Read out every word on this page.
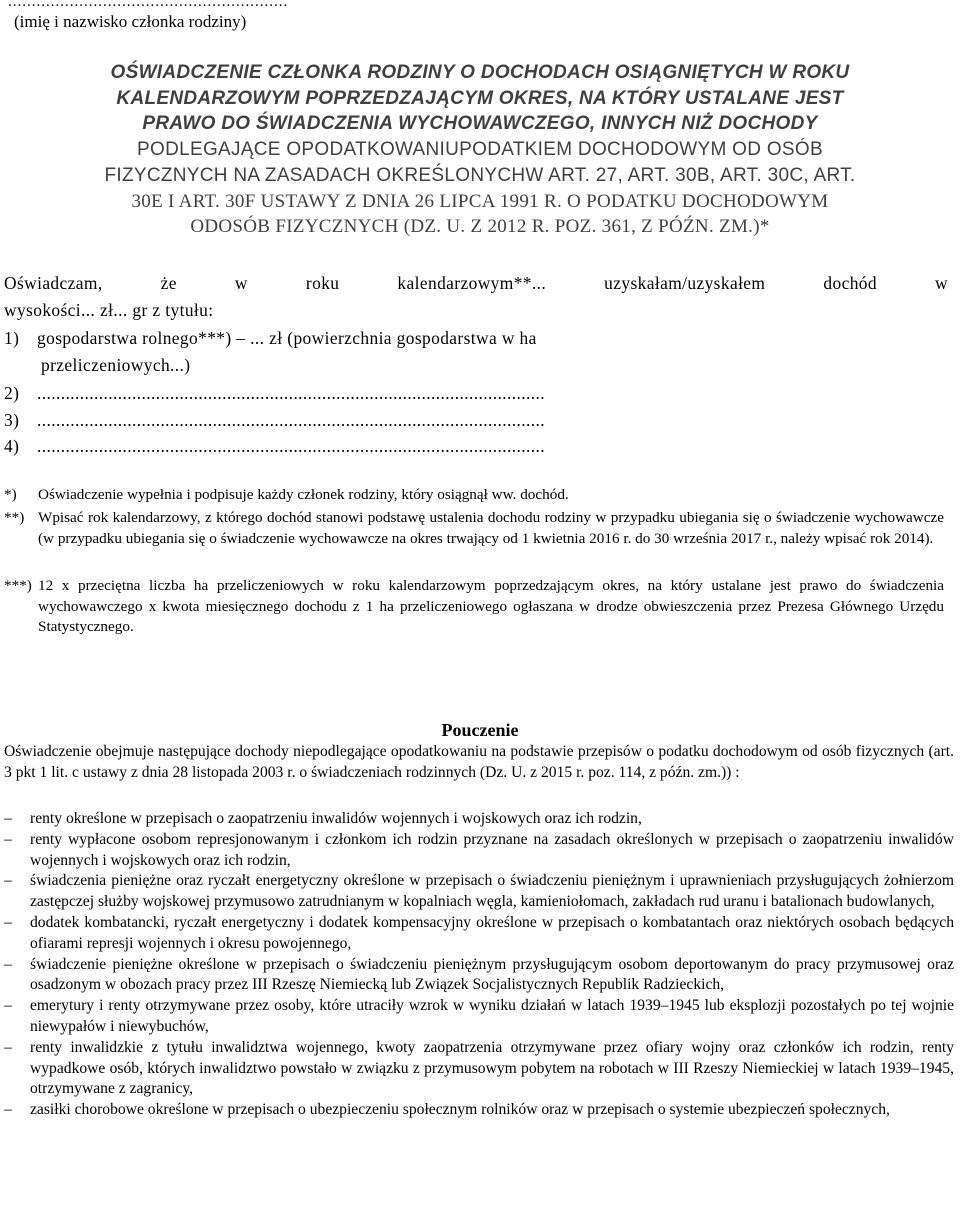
...........................................................
(imię i nazwisko członka rodziny)
OŚWIADCZENIE CZŁONKA RODZINY O DOCHODACH OSIĄGNIĘTYCH W ROKU
KALENDARZOWYM POPRZEDZAJĄCYM OKRES, NA KTÓRY USTALANE JEST
PRAWO DO ŚWIADCZENIA WYCHOWAWCZEGO, INNYCH NIŻ DOCHODY
PODLEGAJĄCE OPODATKOWANIUPODATKIEM DOCHODOWYM OD OSÓB
FIZYCZNYCH NA ZASADACH OKREŚLONYCHW ART. 27, ART. 30B, ART. 30C, ART.
30E I ART. 30F USTAWY Z DNIA 26 LIPCA 1991 R. O PODATKU DOCHODOWYM
ODOSÓB FIZYCZNYCH (DZ. U. Z 2012 R. POZ. 361, Z PÓŹN. ZM.)*
Oświadczam, że w roku kalendarzowym**... uzyskałam/uzyskałem dochód w
wysokości... zł... gr z tytułu:
1) gospodarstwa rolnego***) – ... zł (powierzchnia gospodarstwa w ha
przeliczeniowych...)
2) ...........................................................................................................
3) ...........................................................................................................
4) ...........................................................................................................
*) Oświadczenie wypełnia i podpisuje każdy członek rodziny, który osiągnął ww. dochód.
**) Wpisać rok kalendarzowy, z którego dochód stanowi podstawę ustalenia dochodu rodziny w przypadku ubiegania się o świadczenie wychowawcze (w przypadku ubiegania się o świadczenie wychowawcze na okres trwający od 1 kwietnia 2016 r. do 30 września 2017 r., należy wpisać rok 2014).
***) 12 x przeciętna liczba ha przeliczeniowych w roku kalendarzowym poprzedzającym okres, na który ustalane jest prawo do świadczenia wychowawczego x kwota miesięcznego dochodu z 1 ha przeliczeniowego ogłaszana w drodze obwieszczenia przez Prezesa Głównego Urzędu Statystycznego.
Pouczenie
Oświadczenie obejmuje następujące dochody niepodlegające opodatkowaniu na podstawie przepisów o podatku dochodowym od osób fizycznych (art. 3 pkt 1 lit. c ustawy z dnia 28 listopada 2003 r. o świadczeniach rodzinnych (Dz. U. z 2015 r. poz. 114, z późn. zm.)) :
– renty określone w przepisach o zaopatrzeniu inwalidów wojennych i wojskowych oraz ich rodzin,
– renty wypłacone osobom represjonowanym i członkom ich rodzin przyznane na zasadach określonych w przepisach o zaopatrzeniu inwalidów wojennych i wojskowych oraz ich rodzin,
– świadczenia pieniężne oraz ryczałt energetyczny określone w przepisach o świadczeniu pieniężnym i uprawnieniach przysługujących żołnierzom zastępczej służby wojskowej przymusowo zatrudnianym w kopalniach węgla, kamieniołomach, zakładach rud uranu i batalionach budowlanych,
– dodatek kombatancki, ryczałt energetyczny i dodatek kompensacyjny określone w przepisach o kombatantach oraz niektórych osobach będących ofiarami represji wojennych i okresu powojennego,
– świadczenie pieniężne określone w przepisach o świadczeniu pieniężnym przysługującym osobom deportowanym do pracy przymusowej oraz osadzonym w obozach pracy przez III Rzeszę Niemiecką lub Związek Socjalistycznych Republik Radzieckich,
– emerytury i renty otrzymywane przez osoby, które utraciły wzrok w wyniku działań w latach 1939–1945 lub eksplozji pozostałych po tej wojnie niewypałów i niewybuchów,
– renty inwalidzkie z tytułu inwalidztwa wojennego, kwoty zaopatrzenia otrzymywane przez ofiary wojny oraz członków ich rodzin, renty wypadkowe osób, których inwalidztwo powstało w związku z przymusowym pobytem na robotach w III Rzeszy Niemieckiej w latach 1939–1945, otrzymywane z zagranicy,
– zasiłki chorobowe określone w przepisach o ubezpieczeniu społecznym rolników oraz w przepisach o systemie ubezpieczeń społecznych,
